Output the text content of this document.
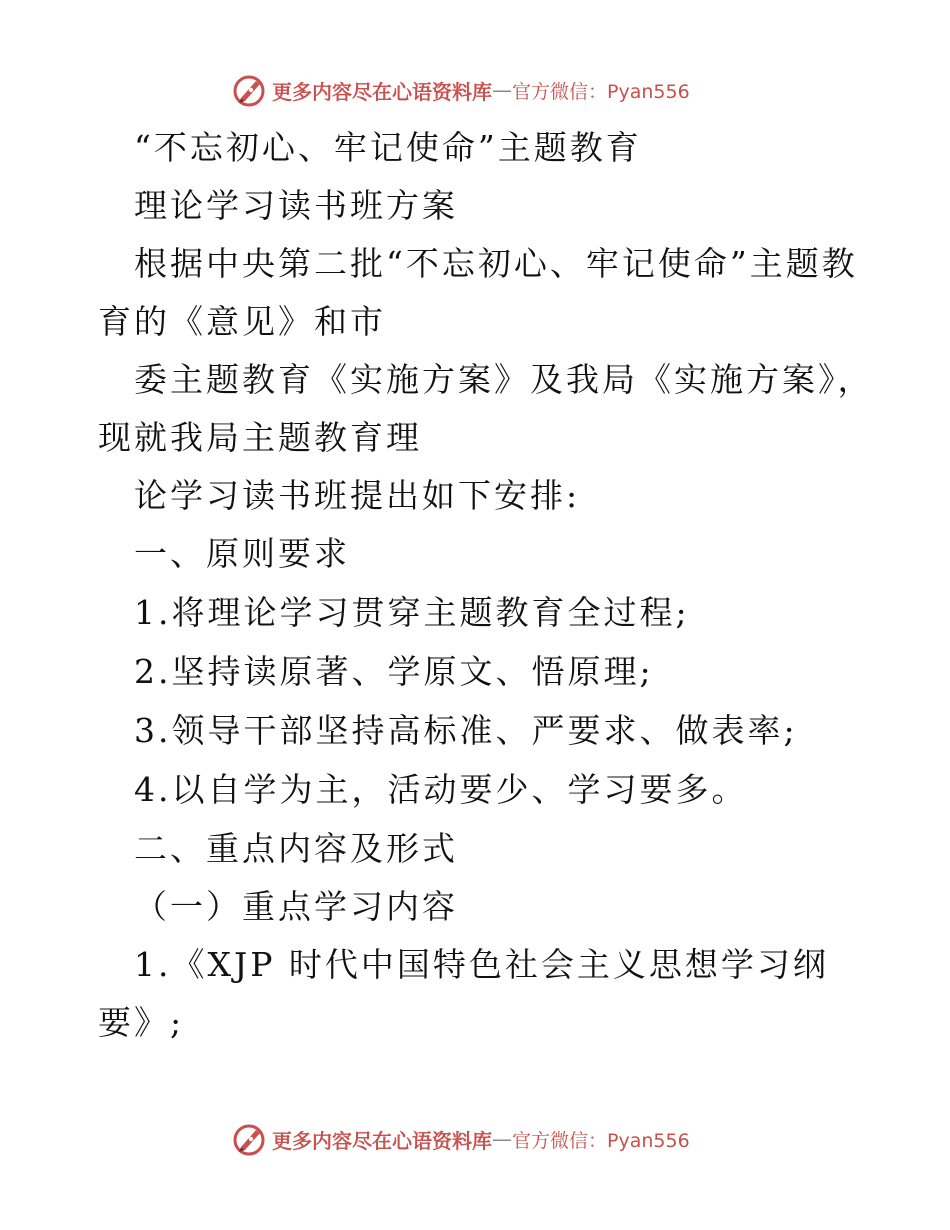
更多内容尽在心语资料库 — 官方微信：Pyan556
“不忘初心、牢记使命”主题教育
理论学习读书班方案
根据中央第二批“不忘初心、牢记使命”主题教
育的《意见》和市
委主题教育《实施方案》及我局《实施方案》，
现就我局主题教育理
论学习读书班提出如下安排:
一、原则要求
1.将理论学习贯穿主题教育全过程;
2.坚持读原著、学原文、悟原理;
3.领导干部坚持高标准、严要求、做表率;
4.以自学为主，活动要少、学习要多。
二、重点内容及形式
（一）重点学习内容
1.《XJP 时代中国特色社会主义思想学习纲
要》;
更多内容尽在心语资料库 — 官方微信：Pyan556
